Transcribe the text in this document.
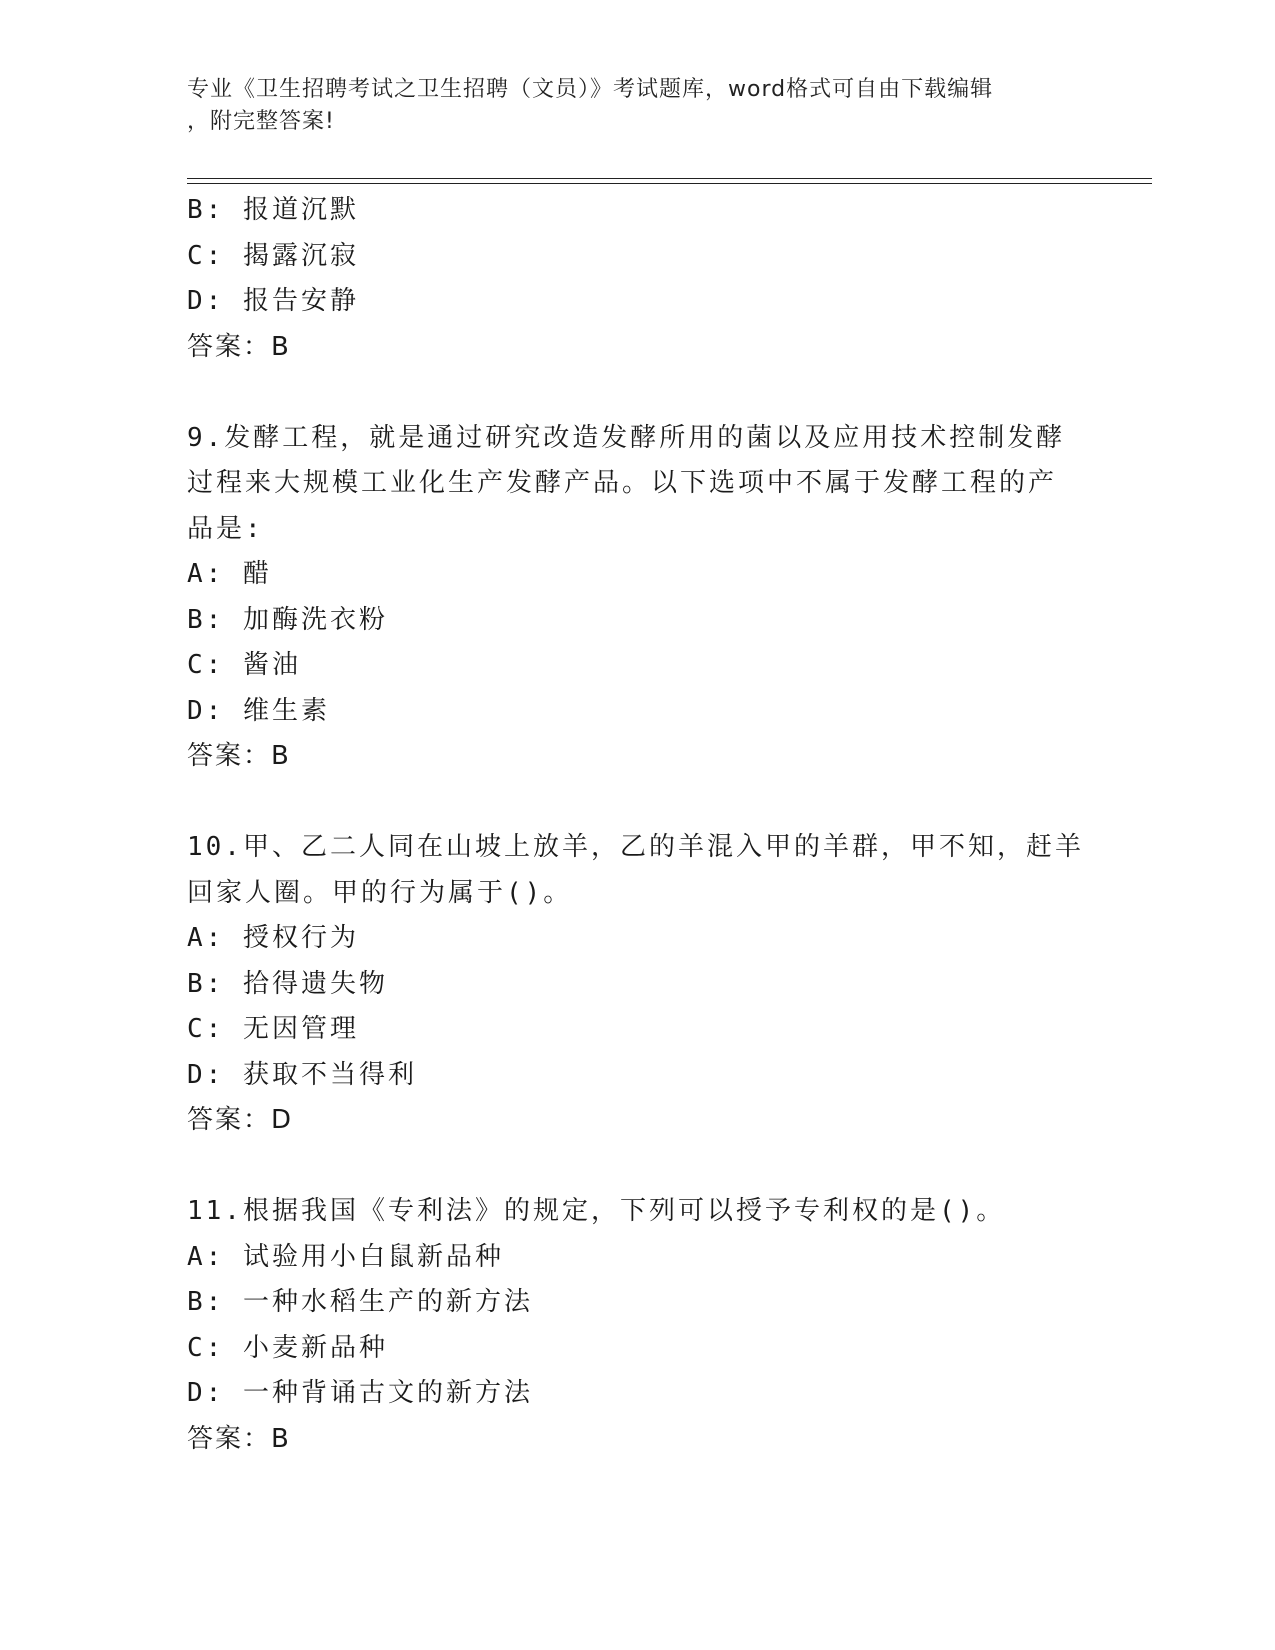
专业《卫生招聘考试之卫生招聘（文员）》考试题库，word格式可自由下载编辑
，附完整答案!
B: 报道沉默
C: 揭露沉寂
D: 报告安静
答案：B
9.发酵工程，就是通过研究改造发酵所用的菌以及应用技术控制发酵
过程来大规模工业化生产发酵产品。以下选项中不属于发酵工程的产
品是:
A: 醋
B: 加酶洗衣粉
C: 酱油
D: 维生素
答案：B
10.甲、乙二人同在山坡上放羊，乙的羊混入甲的羊群，甲不知，赶羊
回家人圈。甲的行为属于()。
A: 授权行为
B: 拾得遗失物
C: 无因管理
D: 获取不当得利
答案：D
11.根据我国《专利法》的规定，下列可以授予专利权的是()。
A: 试验用小白鼠新品种
B: 一种水稻生产的新方法
C: 小麦新品种
D: 一种背诵古文的新方法
答案：B
